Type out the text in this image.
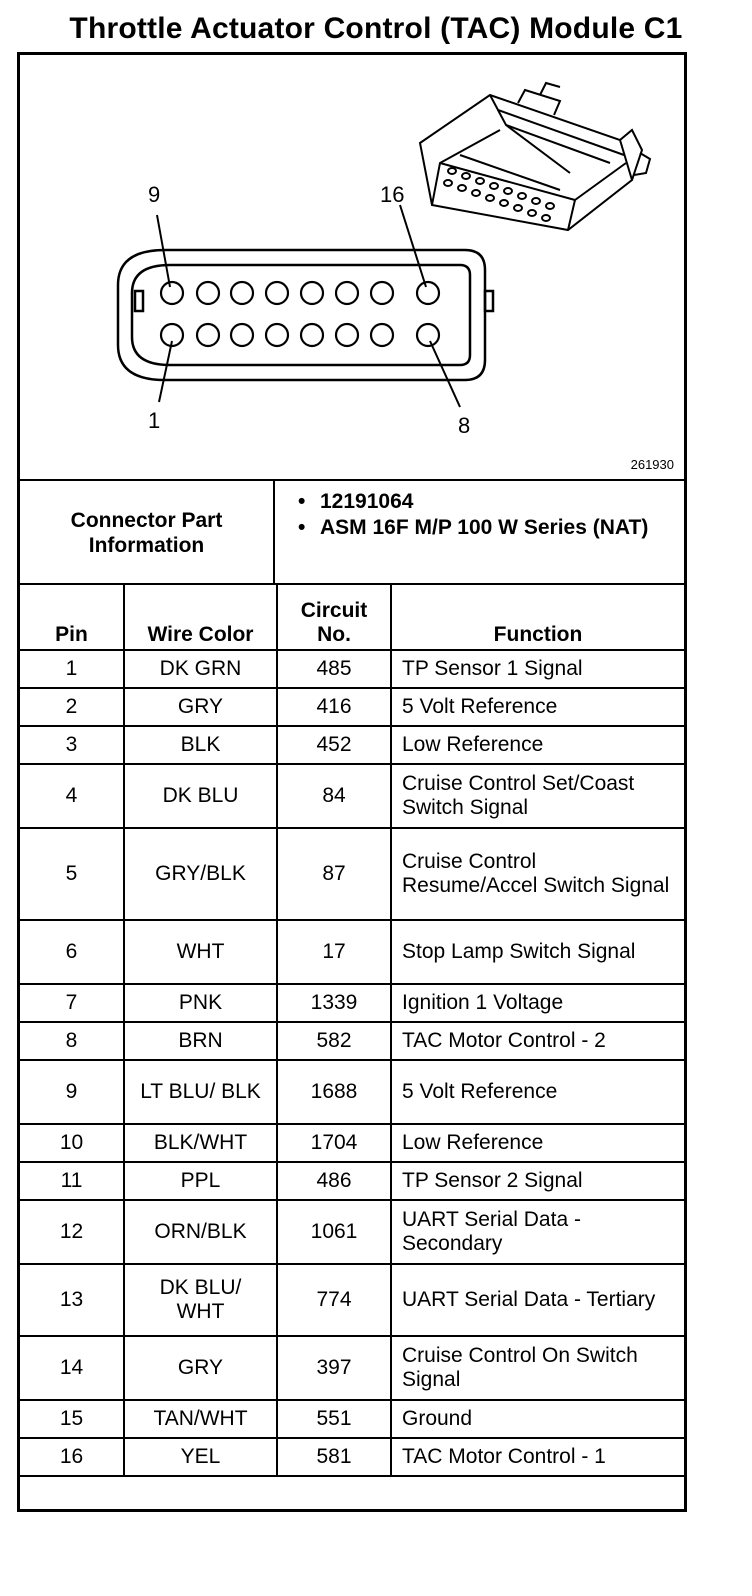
Throttle Actuator Control (TAC) Module C1
9	16
1	8
261930
Connector Part Information
• 12191064
• ASM 16F M/P 100 W Series (NAT)
Pin	Wire Color	Circuit No.	Function
1	DK GRN	485	TP Sensor 1 Signal
2	GRY	416	5 Volt Reference
3	BLK	452	Low Reference
4	DK BLU	84	Cruise Control Set/Coast Switch Signal
5	GRY/BLK	87	Cruise Control Resume/Accel Switch Signal
6	WHT	17	Stop Lamp Switch Signal
7	PNK	1339	Ignition 1 Voltage
8	BRN	582	TAC Motor Control - 2
9	LT BLU/ BLK	1688	5 Volt Reference
10	BLK/WHT	1704	Low Reference
11	PPL	486	TP Sensor 2 Signal
12	ORN/BLK	1061	UART Serial Data - Secondary
13	DK BLU/ WHT	774	UART Serial Data - Tertiary
14	GRY	397	Cruise Control On Switch Signal
15	TAN/WHT	551	Ground
16	YEL	581	TAC Motor Control - 1
